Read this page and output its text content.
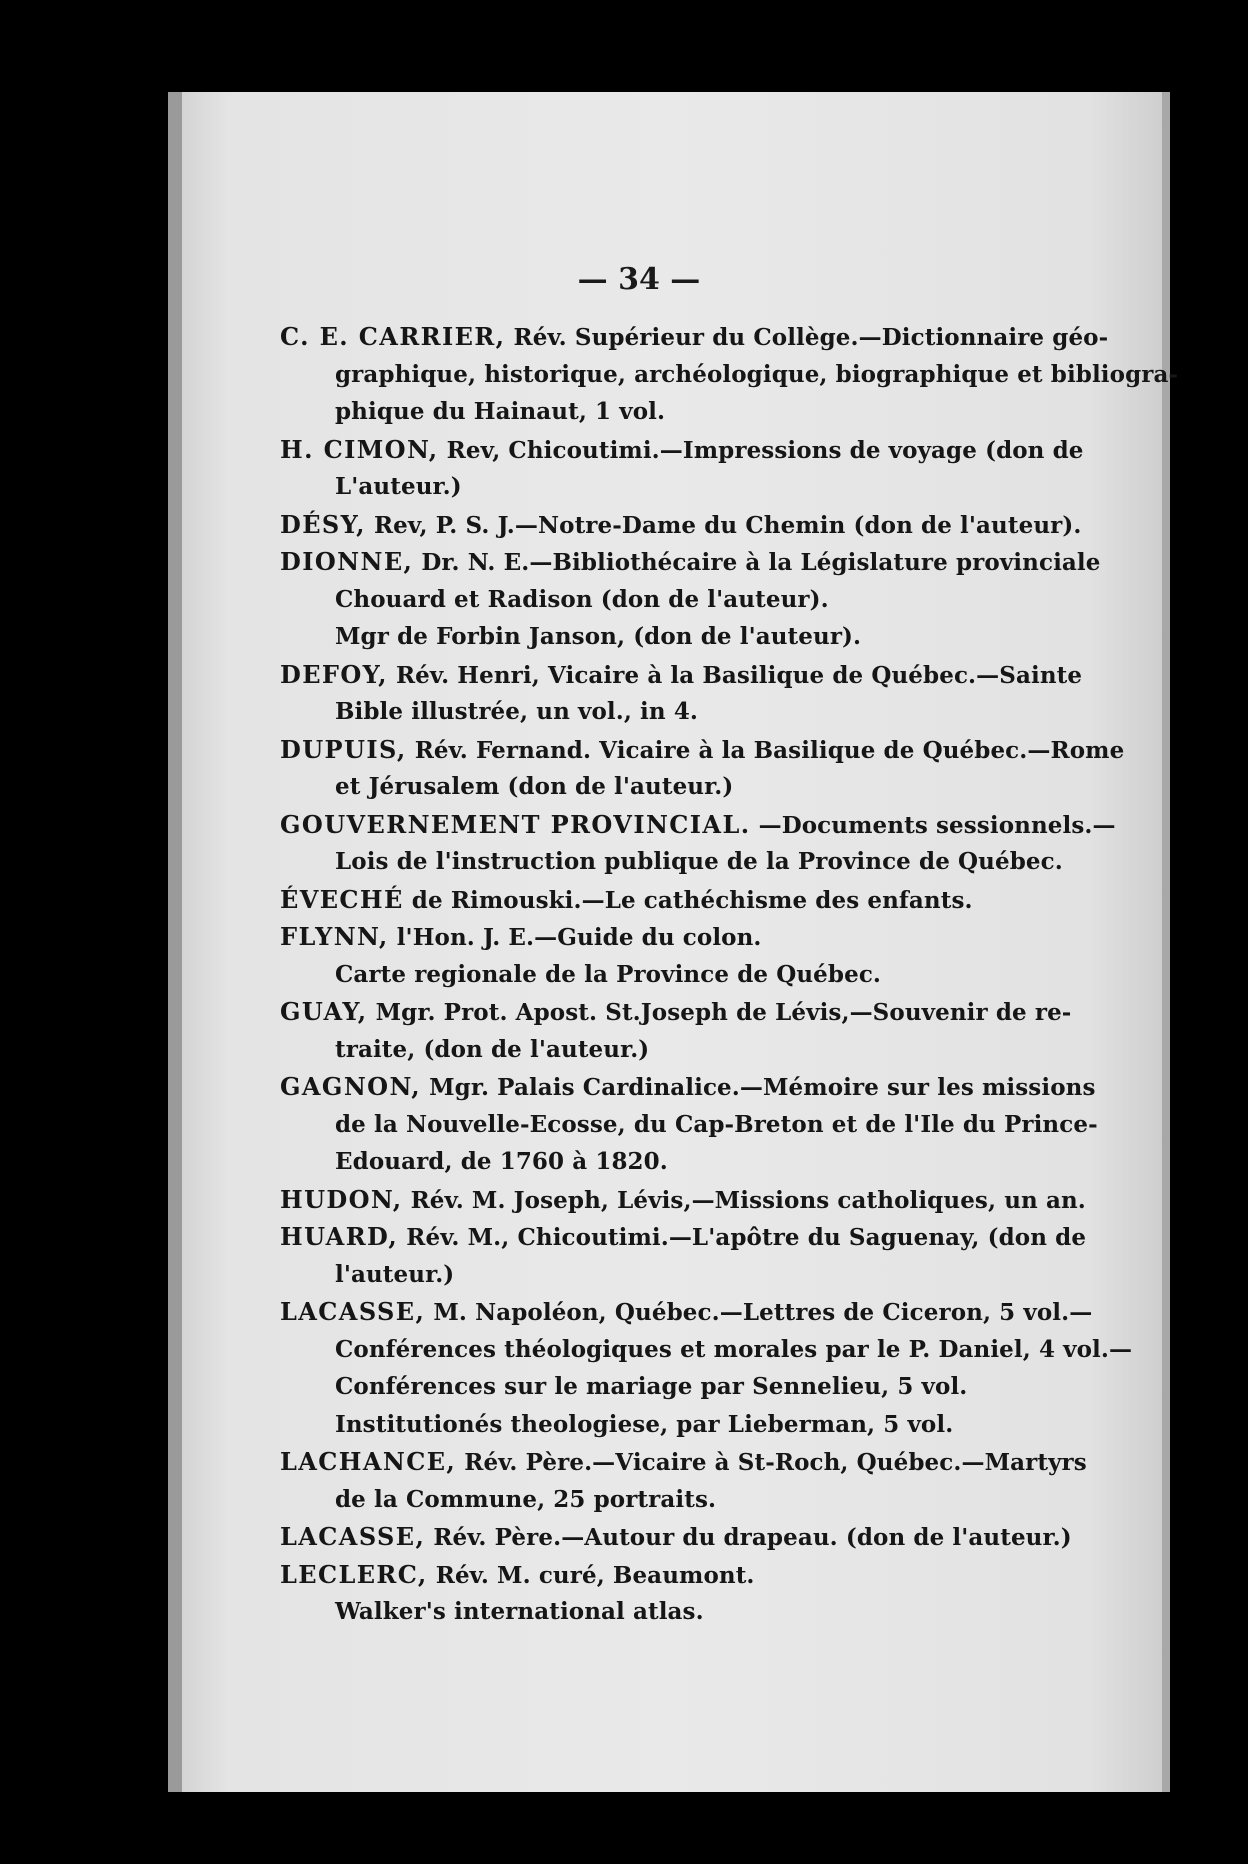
— 34 —
C. E. CARRIER, Rév. Supérieur du Collège.—Dictionnaire géo-
graphique, historique, archéologique, biographique et bibliogra-
phique du Hainaut, 1 vol.
H. CIMON, Rev, Chicoutimi.—Impressions de voyage (don de
L'auteur.)
DÉSY, Rev, P. S. J.—Notre-Dame du Chemin (don de l'auteur).
DIONNE, Dr. N. E.—Bibliothécaire à la Législature provinciale
Chouard et Radison (don de l'auteur).
Mgr de Forbin Janson, (don de l'auteur).
DEFOY, Rév. Henri, Vicaire à la Basilique de Québec.—Sainte
Bible illustrée, un vol., in 4.
DUPUIS, Rév. Fernand. Vicaire à la Basilique de Québec.—Rome
et Jérusalem (don de l'auteur.)
GOUVERNEMENT PROVINCIAL. —Documents sessionnels.—
Lois de l'instruction publique de la Province de Québec.
ÉVECHÉ de Rimouski.—Le cathéchisme des enfants.
FLYNN, l'Hon. J. E.—Guide du colon.
Carte regionale de la Province de Québec.
GUAY, Mgr. Prot. Apost. St.Joseph de Lévis,—Souvenir de re-
traite, (don de l'auteur.)
GAGNON, Mgr. Palais Cardinalice.—Mémoire sur les missions
de la Nouvelle-Ecosse, du Cap-Breton et de l'Ile du Prince-
Edouard, de 1760 à 1820.
HUDON, Rév. M. Joseph, Lévis,—Missions catholiques, un an.
HUARD, Rév. M., Chicoutimi.—L'apôtre du Saguenay, (don de
l'auteur.)
LACASSE, M. Napoléon, Québec.—Lettres de Ciceron, 5 vol.—
Conférences théologiques et morales par le P. Daniel, 4 vol.—
Conférences sur le mariage par Sennelieu, 5 vol.
Institutionés theologiese, par Lieberman, 5 vol.
LACHANCE, Rév. Père.—Vicaire à St-Roch, Québec.—Martyrs
de la Commune, 25 portraits.
LACASSE, Rév. Père.—Autour du drapeau. (don de l'auteur.)
LECLERC, Rév. M. curé, Beaumont.
Walker's international atlas.
